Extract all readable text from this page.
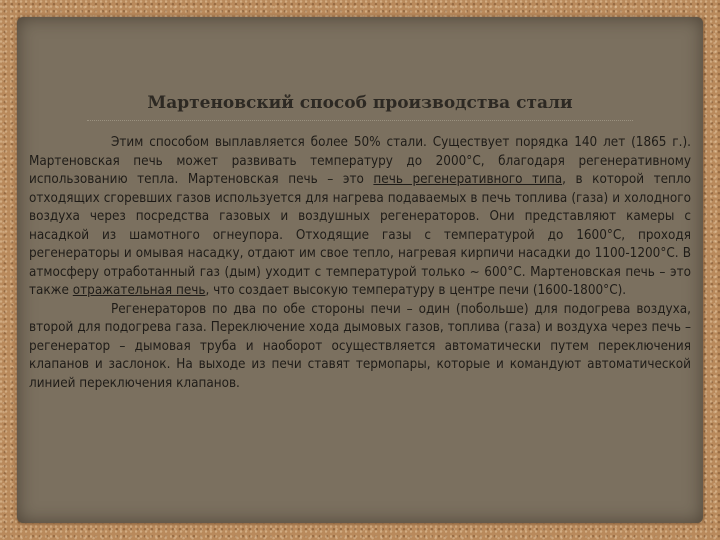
Мартеновский способ производства стали

Этим способом выплавляется более 50% стали. Существует порядка 140 лет (1865 г.). Мартеновская печь может развивать температуру до 2000°С, благодаря регенеративному использованию тепла. Мартеновская печь – это печь регенеративного типа, в которой тепло отходящих сгоревших газов используется для нагрева подаваемых в печь топлива (газа) и холодного воздуха через посредства газовых и воздушных регенераторов. Они представляют камеры с насадкой из шамотного огнеупора. Отходящие газы с температурой до 1600°С, проходя регенераторы и омывая насадку, отдают им свое тепло, нагревая кирпичи насадки до 1100-1200°С. В атмосферу отработанный газ (дым) уходит с температурой только ~ 600°С. Мартеновская печь – это также отражательная печь, что создает высокую температуру в центре печи (1600-1800°С).

Регенераторов по два по обе стороны печи – один (побольше) для подогрева воздуха, второй для подогрева газа. Переключение хода дымовых газов, топлива (газа) и воздуха через печь – регенератор – дымовая труба и наоборот осуществляется автоматически путем переключения клапанов и заслонок. На выходе из печи ставят термопары, которые и командуют автоматической линией переключения клапанов.
